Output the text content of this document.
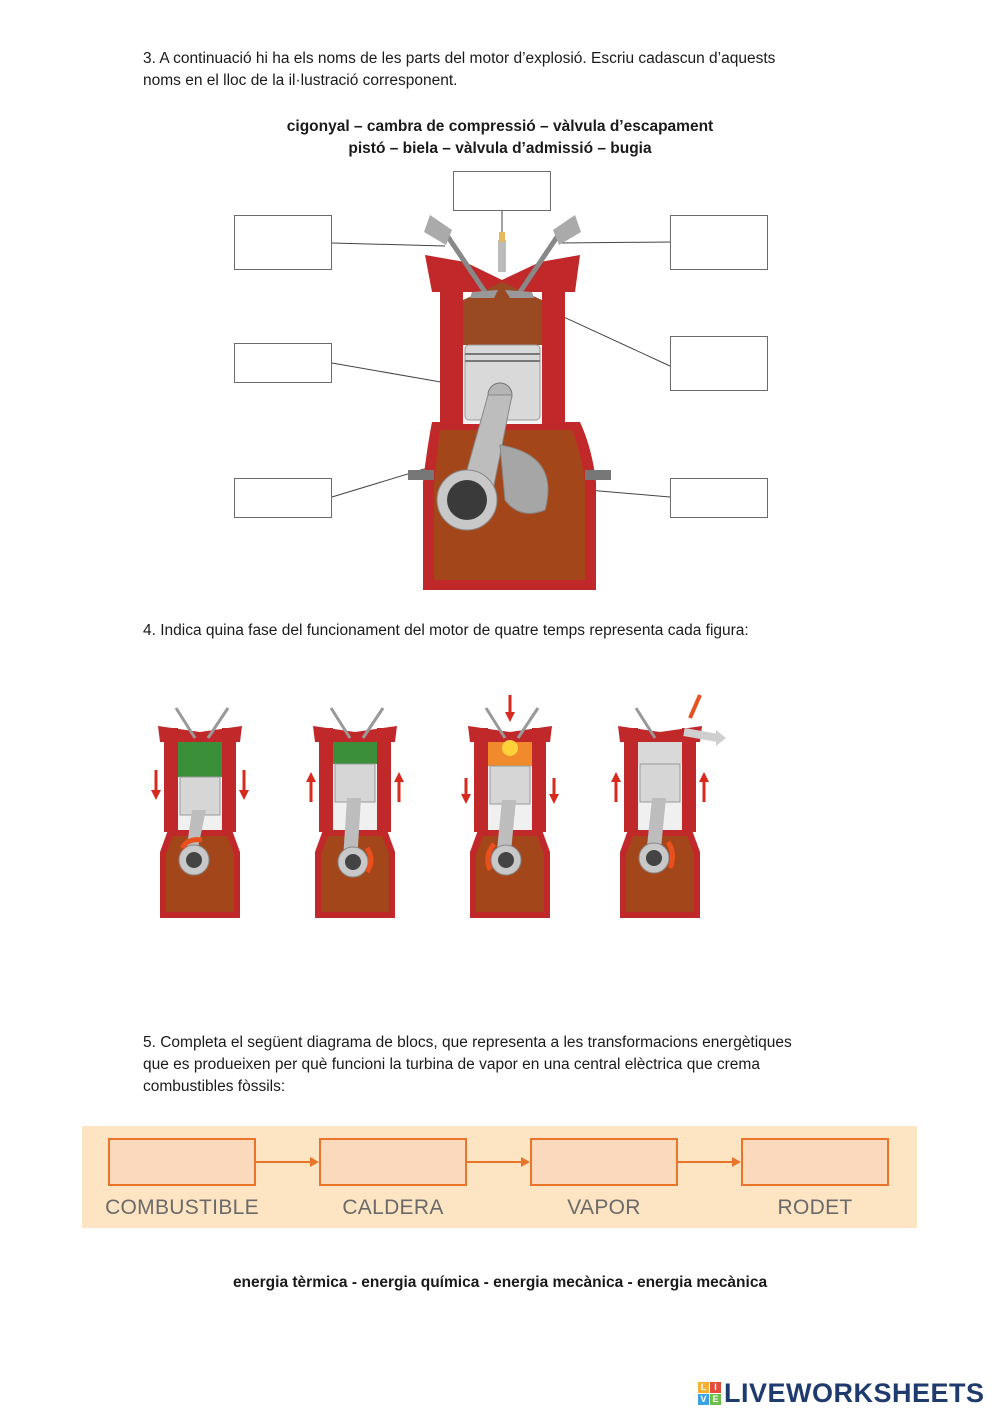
3. A continuació hi ha els noms de les parts del motor d’explosió. Escriu cadascun d’aquests
noms en el lloc de la il·lustració corresponent.
cigonyal – cambra de compressió – vàlvula d’escapament
pistó – biela – vàlvula d’admissió – bugia
4. Indica quina fase del funcionament del motor de quatre temps representa cada figura:
5. Completa el següent diagrama de blocs, que representa a les transformacions energètiques
que es produeixen per què funcioni la turbina de vapor en una central elèctrica que crema
combustibles fòssils:
COMBUSTIBLE	CALDERA	VAPOR	RODET
energia tèrmica - energia química - energia mecànica - energia mecànica
L I
V E LIVEWORKSHEETS
